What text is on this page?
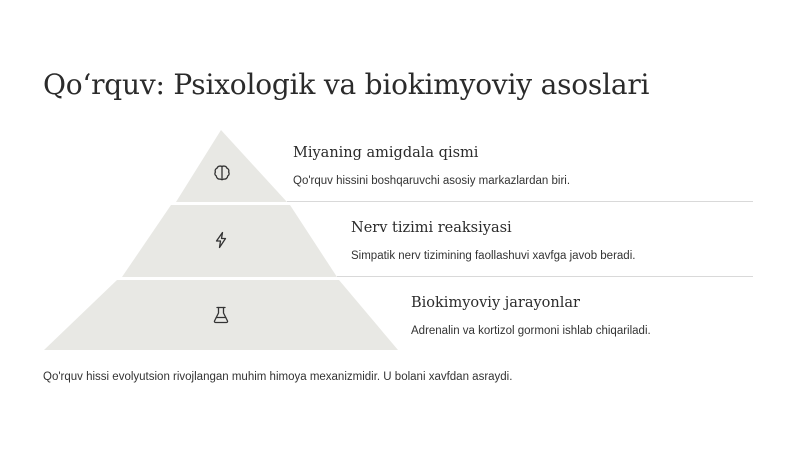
Qoʻrquv: Psixologik va biokimyoviy asoslari
Miyaning amigdala qismi
Qo'rquv hissini boshqaruvchi asosiy markazlardan biri.
Nerv tizimi reaksiyasi
Simpatik nerv tizimining faollashuvi xavfga javob beradi.
Biokimyoviy jarayonlar
Adrenalin va kortizol gormoni ishlab chiqariladi.

Qo'rquv hissi evolyutsion rivojlangan muhim himoya mexanizmidir. U bolani xavfdan asraydi.
